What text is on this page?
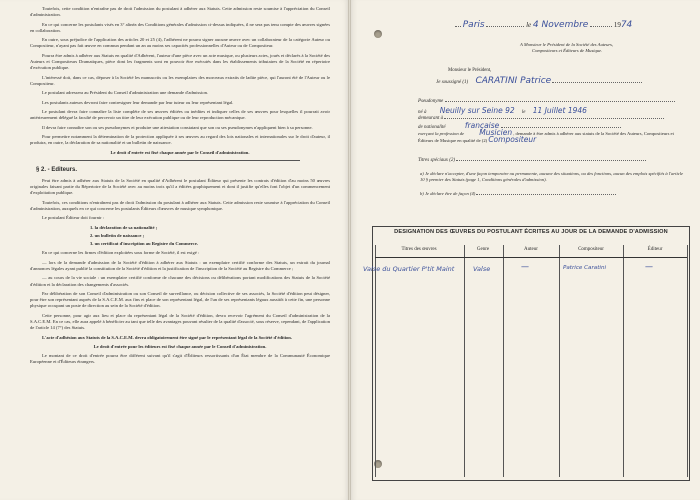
Toutefois, cette condition n'entraîne pas de droit l'admission du postulant à adhérer aux Statuts. Cette admission reste soumise à l'appréciation du Conseil d'administration.

En ce qui concerne les postulants visés en 3° alinéa des Conditions générales d'admission ci-dessus indiquées, il ne sera pas tenu compte des œuvres signées en collaboration.

En outre, sous préjudice de l'application des articles 20 et 25 (4), l'adhérent ne pourra signer aucune œuvre avec un collaborateur de la catégorie Auteur ou Compositeur, n'ayant pas fait œuvre en commun pendant un an au moins ses capacités professionnelles d'Auteur ou de Compositeur.

Pourra être admis à adhérer aux Statuts en qualité d'Adhérent, l'auteur d'une pièce avec un acte musique, ou plusieurs actes, joués et déclarés à la Société des Auteurs et Compositeurs Dramatiques, pièce dont les fragments sont en pouvoir être exécutés dans les établissements tributaires de la Société en répertoire d'exécution publique.

L'intéressé doit, dans ce cas, déposer à la Société les manuscrits ou les exemplaires des morceaux extraits de ladite pièce, qui l'auront été de l'Auteur ou le Compositeur.

Le postulant adressera au Président du Conseil d'administration une demande d'admission.

Les postulants auteurs devront faire contresigner leur demande par leur tuteur ou leur représentant légal.

Le postulant devra faire connaître la liste complète de ses œuvres éditées ou inédites et indiquer celles de ses œuvres pour lesquelles il pourrait avoir antérieurement délégué la faculté de percevoir un titre de leur exécution publique ou de leur reproduction mécanique.

Il devra faire connaître son ou ses pseudonymes et produire une attestation constatant que son ou ses pseudonymes n'appliquent bien à sa personne.

Pour permettre notamment la détermination de la protection appliquée à ses œuvres au regard des lois nationales et internationales sur le droit d'auteur, il produira, en outre, la déclaration de sa nationalité et un bulletin de naissance.

Le droit d'entrée est fixé chaque année par le Conseil d'administration.

§ 2. - Editeurs.

Peut être admis à adhérer aux Statuts de la Société en qualité d'Adhérent le postulant Éditeur qui présente les contrats d'édition d'au moins 50 œuvres originales faisant partie du Répertoire de la Société avec au moins trois qu'il a éditées graphiquement et dont il justifie qu'elles font l'objet d'un commencement d'exploitation publique.

Toutefois, ces conditions n'entraînent pas de droit l'admission du postulant à adhérer aux Statuts. Cette admission reste soumise à l'appréciation du Conseil d'administration, auxquels en ce qui concerne les postulants Éditeurs d'œuvres de musique symphonique.

Le postulant Éditeur doit fournir :

1. la déclaration de sa nationalité ;
2. un bulletin de naissance ;
3. un certificat d'inscription au Registre du Commerce.

En ce qui concerne les firmes d'édition exploitées sous forme de Société, il est exigé :

— lors de la demande d'admission de la Société d'édition à adhérer aux Statuts : un exemplaire certifié conforme des Statuts, un extrait du journal d'annonces légales ayant publié la constitution de la Société d'édition et la justification de l'inscription de la Société au Registre du Commerce ;

— au cours de la vie sociale : un exemplaire certifié conforme de chacune des décisions ou délibérations portant modifications des Statuts de la Société d'édition et la déclaration des changements d'associés.

Par délibération de son Conseil d'administration ou son Conseil de surveillance, ou décision collective de ses associés, la Société d'édition peut désigner, pour être son représentant auprès de la S.A.C.E.M. aux fins et place de son représentant légal, de l'un de ses représentants légaux aussitôt à cette fin, une personne physique occupant un poste de direction au sein de la Société d'édition.

Cette personne, pour agir aux lieu et place du représentant légal de la Société d'édition, devra recevoir l'agrément du Conseil d'administration de la S.A.C.E.M. En ce cas, elle aura appelé à bénéficier au tant que telle des avantages pouvant résulter de la qualité d'associé, sous réserve, cependant, de l'application de l'article 14 (7°) des Statuts.

L'acte d'adhésion aux Statuts de la S.A.C.E.M. devra obligatoirement être signé par le représentant légal de la Société d'édition.

Le droit d'entrée pour les éditeurs est fixé chaque année par le Conseil d'administration.

Le montant de ce droit d'entrée pourra être différent suivant qu'il s'agit d'Éditeurs ressortissants d'un État membre de la Communauté Économique Européenne et d'Éditeurs étrangers.

Paris	le 4 Novembre	1974
A Monsieur le Président de la Société des Auteurs,
Compositeurs et Éditeurs de Musique.
Monsieur le Président,
Je soussigné (1) CARATINI Patrice
Pseudonyme
né à Neuilly sur Seine 92 le 11 Juillet 1946
demeurant à
de nationalité	française
exerçant la profession de Musicien , demande à être admis à adhérer aux statuts de la Société des Auteurs, Compositeurs et Éditeurs de Musique en qualité de (2) Compositeur
Titres spéciaux (2)
a) Je déclare n'accepter, d'une façon temporaire ou permanente, aucune des situations, ou des fonctions, aucun des emplois spécifiés à l'article 10 § premier des Statuts (page 1, Conditions générales d'admission).
b) Je déclare être de façon (4)
DESIGNATION DES ŒUVRES DU POSTULANT ÉCRITES AU JOUR DE LA DEMANDE D'ADMISSION
Titres des œuvres	Genre	Auteur	Compositeur	Éditeur
Valse du Quartier P'tit Maint	Valse	—	Patrice Caratini	—
